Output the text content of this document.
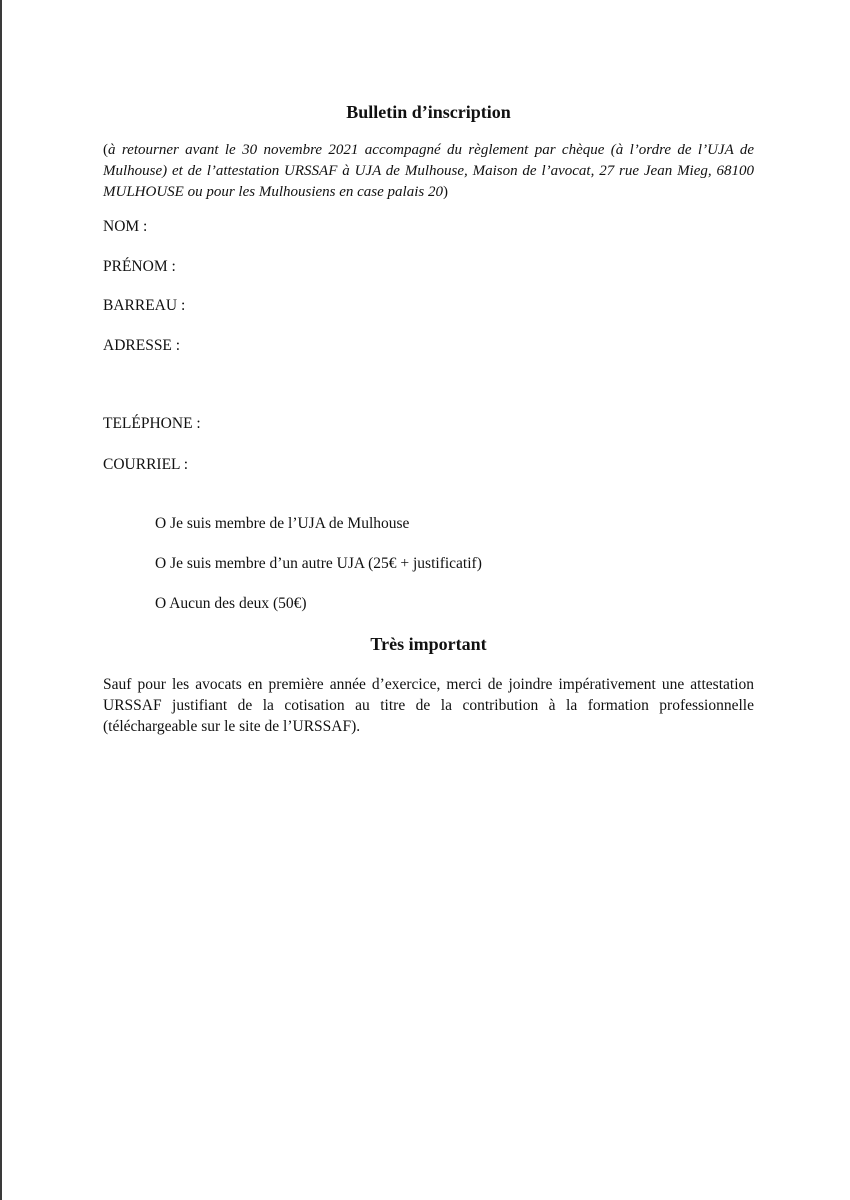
Bulletin d’inscription
(à retourner avant le 30 novembre 2021 accompagné du règlement par chèque (à l’ordre de l’UJA de Mulhouse) et de l’attestation URSSAF à UJA de Mulhouse, Maison de l’avocat, 27 rue Jean Mieg, 68100 MULHOUSE ou pour les Mulhousiens en case palais 20)
NOM :
PRÉNOM :
BARREAU :
ADRESSE :
TELÉPHONE :
COURRIEL :
O Je suis membre de l’UJA de Mulhouse
O Je suis membre d’un autre UJA (25€ + justificatif)
O Aucun des deux (50€)
Très important
Sauf pour les avocats en première année d’exercice, merci de joindre impérativement une attestation URSSAF justifiant de la cotisation au titre de la contribution à la formation professionnelle (téléchargeable sur le site de l’URSSAF).
